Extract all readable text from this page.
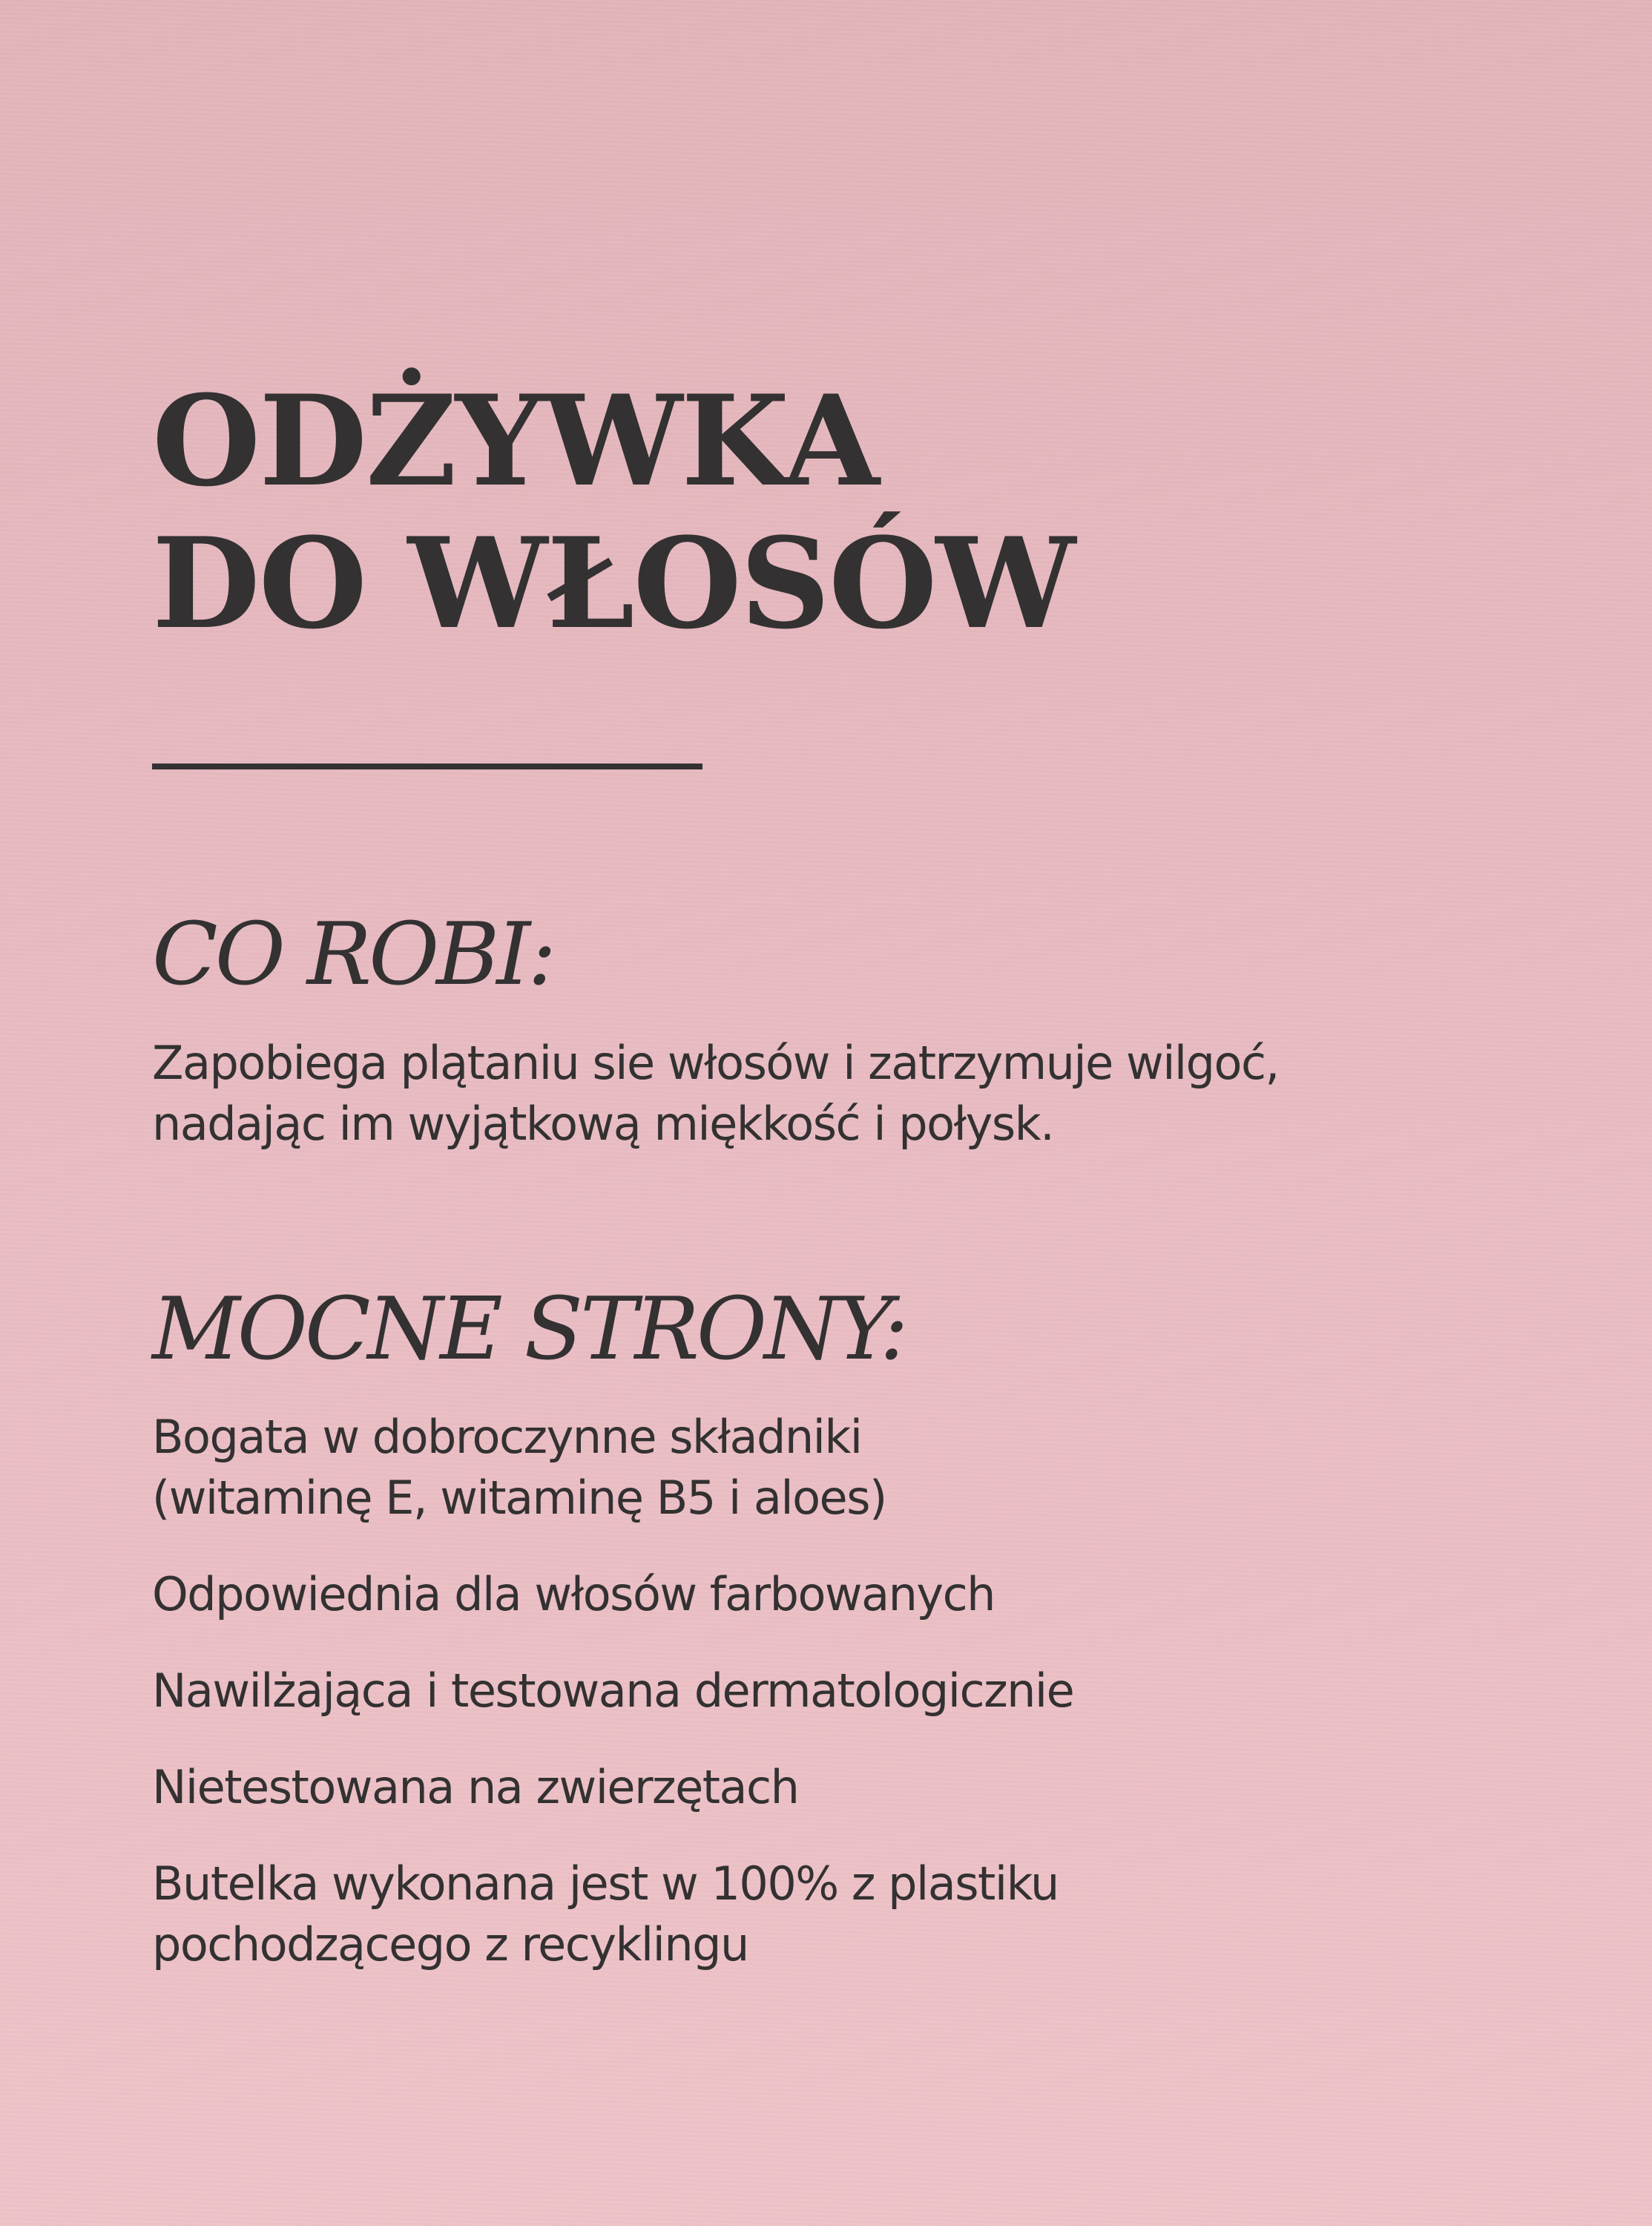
ODŻYWKA
DO WŁOSÓW
CO ROBI:

Zapobiega plątaniu sie włosów i zatrzymuje wilgoć,
nadając im wyjątkową miękkość i połysk.

MOCNE STRONY:
Bogata w dobroczynne składniki
(witaminę E, witaminę B5 i aloes)
Odpowiednia dla włosów farbowanych
Nawilżająca i testowana dermatologicznie
Nietestowana na zwierzętach
Butelka wykonana jest w 100% z plastiku
pochodzącego z recyklingu
